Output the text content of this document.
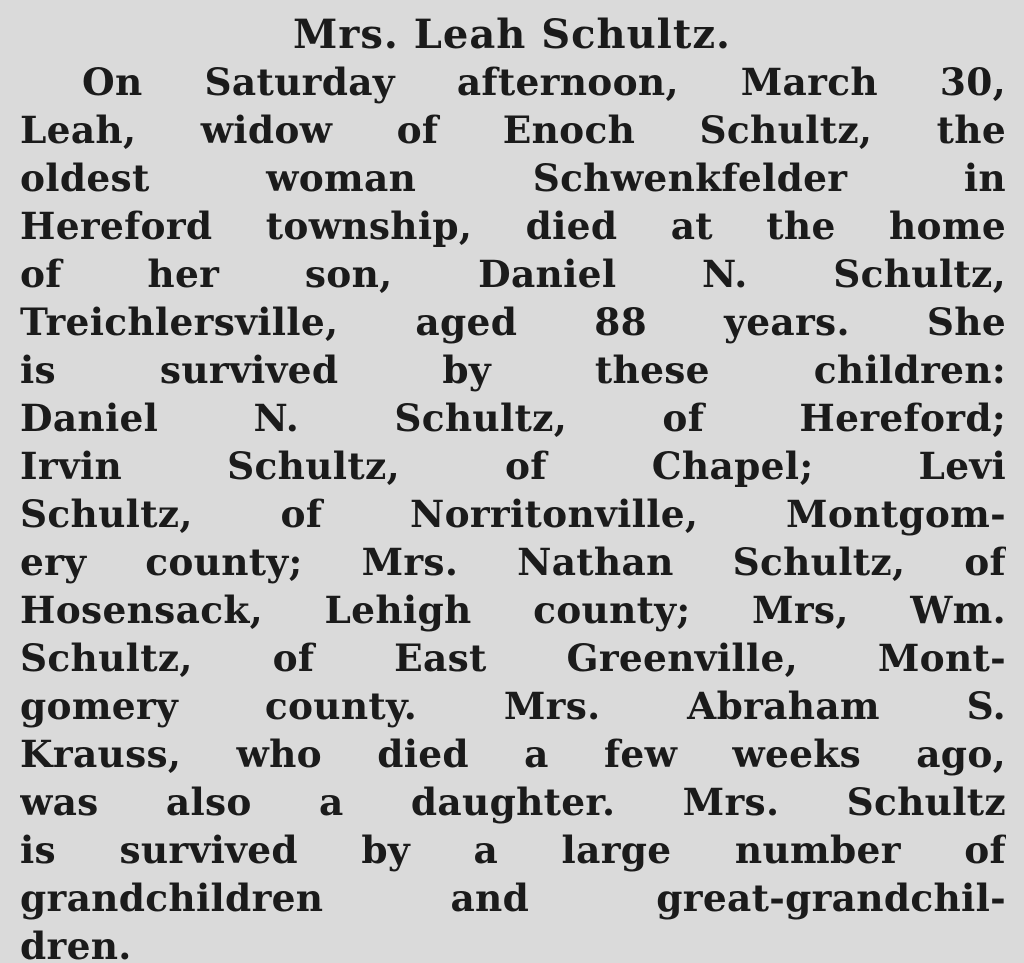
Mrs. Leah Schultz.
On Saturday afternoon, March 30,
Leah, widow of Enoch Schultz, the
oldest woman Schwenkfelder in
Hereford township, died at the home
of her son, Daniel N. Schultz,
Treichlersville, aged 88 years. She
is survived by these children:
Daniel N. Schultz, of Hereford;
Irvin Schultz, of Chapel; Levi
Schultz, of Norritonville, Montgom-
ery county; Mrs. Nathan Schultz, of
Hosensack, Lehigh county; Mrs, Wm.
Schultz, of East Greenville, Mont-
gomery county. Mrs. Abraham S.
Krauss, who died a few weeks ago,
was also a daughter. Mrs. Schultz
is survived by a large number of
grandchildren and great-grandchil-
dren.
